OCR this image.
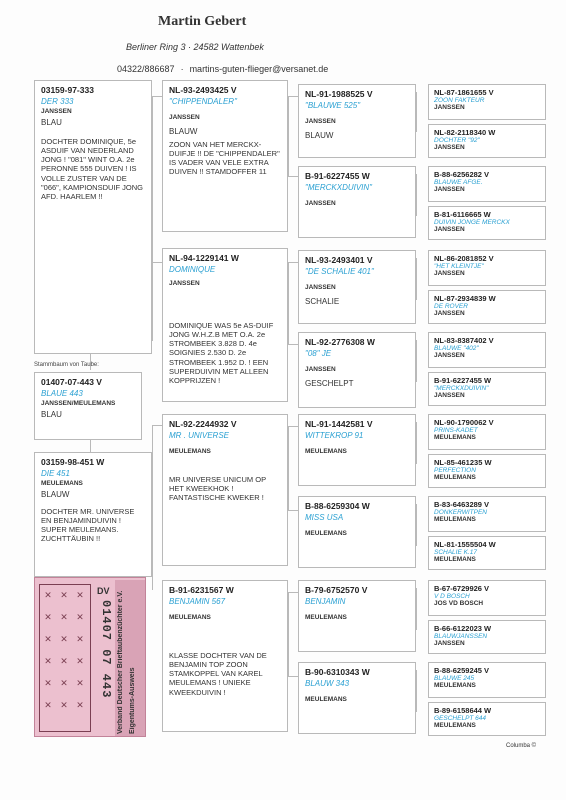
Martin Gebert
Berliner Ring 3 · 24582 Wattenbek
04322/886687 · martins-guten-flieger@versanet.de
03159-97-333
DER 333
JANSSEN
BLAU
DOCHTER DOMINIQUE, 5e ASDUIF VAN NEDERLAND JONG ! "081" WINT O.A. 2e PERONNE 555 DUIVEN ! IS VOLLE ZUSTER VAN DE "066", KAMPIONSDUIF JONG AFD. HAARLEM !!
Stammbaum von Taube:
01407-07-443 V
BLAUE 443
JANSSEN/MEULEMANS
BLAU
03159-98-451 W
DIE 451
MEULEMANS
BLAUW
DOCHTER MR. UNIVERSE EN BENJAMINDUIVIN ! SUPER MEULEMANS. ZUCHTTÄUBIN !!
✕ ✕ ✕
✕ ✕ ✕
✕ ✕ ✕
✕ ✕ ✕
✕ ✕ ✕
✕ ✕ ✕
DV
01407 07 443 Verband Deutscher Brieftaubenzüchter e.V. Eigentums-Ausweis
NL-93-2493425 V
"CHIPPENDALER"
JANSSEN
BLAUW
ZOON VAN HET MERCKX-DUIFJE !! DE "CHIPPENDALER" IS VADER VAN VELE EXTRA DUIVEN !! STAMDOFFER 11
NL-94-1229141 W
DOMINIQUE
JANSSEN
DOMINIQUE WAS 5e AS-DUIF JONG W.H.Z.B MET O.A. 2e STROMBEEK 3.828 D. 4e SOIGNIES 2.530 D. 2e STROMBEEK 1.952 D. ! EEN SUPERDUIVIN MET ALLEEN KOPPRIJZEN !
NL-92-2244932 V
MR . UNIVERSE
MEULEMANS
MR UNIVERSE UNICUM OP HET KWEEKHOK ! FANTASTISCHE KWEKER !
B-91-6231567 W
BENJAMIN 567
MEULEMANS
KLASSE DOCHTER VAN DE BENJAMIN TOP ZOON STAMKOPPEL VAN KAREL MEULEMANS ! UNIEKE KWEEKDUIVIN !
NL-91-1988525 V
"BLAUWE 525"
JANSSEN
BLAUW
B-91-6227455 W
"MERCKXDUIVIN"
JANSSEN
NL-93-2493401 V
"DE SCHALIE 401"
JANSSEN
SCHALIE
NL-92-2776308 W
"08" JE
JANSSEN
GESCHELPT
NL-91-1442581 V
WITTEKROP 91
MEULEMANS
B-88-6259304 W
MISS USA
MEULEMANS
B-79-6752570 V
BENJAMIN
MEULEMANS
B-90-6310343 W
BLAUW 343
MEULEMANS
NL-87-1861655 V
ZOON FAKTEUR
JANSSEN
NL-82-2118340 W
DOCHTER "92"
JANSSEN
B-88-6256282 V
BLAUWE AFGE.
JANSSEN
B-81-6116665 W
DUIVIN JONGE MERCKX
JANSSEN
NL-86-2081852 V
"HET KLEINTJE"
JANSSEN
NL-87-2934839 W
DE ROVER
JANSSEN
NL-83-8387402 V
BLAUWE "402"
JANSSEN
B-91-6227455 W
"MERCKXDUIVIN"
JANSSEN
NL-90-1790062 V
PRINS-KADET
MEULEMANS
NL-85-461235 W
PERFECTION
MEULEMANS
B-83-6463289 V
DONKERWITPEN
MEULEMANS
NL-81-1555504 W
SCHALIE K.17
MEULEMANS
B-67-6729926 V
V D BOSCH
JOS VD BOSCH
B-66-6122023 W
BLAUWJANSSEN
JANSSEN
B-88-6259245 V
BLAUWE 245
MEULEMANS
B-89-6158644 W
GESCHELPT 644
MEULEMANS
Columba ©
